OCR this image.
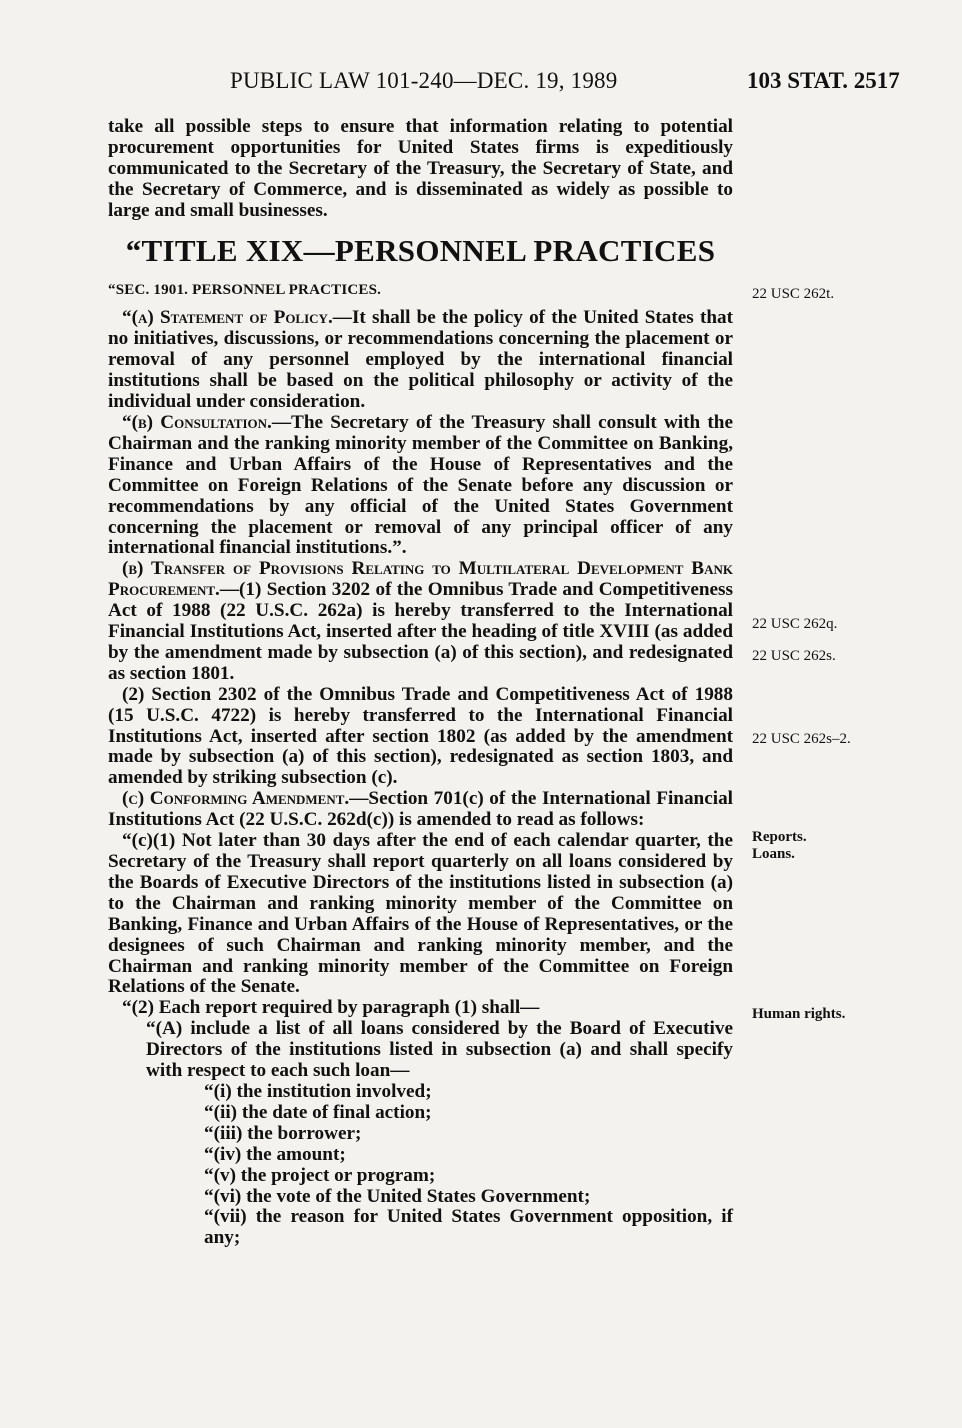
PUBLIC LAW 101-240—DEC. 19, 1989	103 STAT. 2517

take all possible steps to ensure that information relating to potential procurement opportunities for United States firms is expeditiously communicated to the Secretary of the Treasury, the Secretary of State, and the Secretary of Commerce, and is disseminated as widely as possible to large and small businesses.

“TITLE XIX—PERSONNEL PRACTICES
“SEC. 1901. PERSONNEL PRACTICES.

“(a) Statement of Policy.—It shall be the policy of the United States that no initiatives, discussions, or recommendations concerning the placement or removal of any personnel employed by the international financial institutions shall be based on the political philosophy or activity of the individual under consideration.

“(b) Consultation.—The Secretary of the Treasury shall consult with the Chairman and the ranking minority member of the Committee on Banking, Finance and Urban Affairs of the House of Representatives and the Committee on Foreign Relations of the Senate before any discussion or recommendations by any official of the United States Government concerning the placement or removal of any principal officer of any international financial institutions.”.

(b) Transfer of Provisions Relating to Multilateral Development Bank Procurement.—(1) Section 3202 of the Omnibus Trade and Competitiveness Act of 1988 (22 U.S.C. 262a) is hereby transferred to the International Financial Institutions Act, inserted after the heading of title XVIII (as added by the amendment made by subsection (a) of this section), and redesignated as section 1801.

(2) Section 2302 of the Omnibus Trade and Competitiveness Act of 1988 (15 U.S.C. 4722) is hereby transferred to the International Financial Institutions Act, inserted after section 1802 (as added by the amendment made by subsection (a) of this section), redesignated as section 1803, and amended by striking subsection (c).

(c) Conforming Amendment.—Section 701(c) of the International Financial Institutions Act (22 U.S.C. 262d(c)) is amended to read as follows:

“(c)(1) Not later than 30 days after the end of each calendar quarter, the Secretary of the Treasury shall report quarterly on all loans considered by the Boards of Executive Directors of the institutions listed in subsection (a) to the Chairman and ranking minority member of the Committee on Banking, Finance and Urban Affairs of the House of Representatives, or the designees of such Chairman and ranking minority member, and the Chairman and ranking minority member of the Committee on Foreign Relations of the Senate.

“(2) Each report required by paragraph (1) shall—

“(A) include a list of all loans considered by the Board of Executive Directors of the institutions listed in subsection (a) and shall specify with respect to each such loan—

“(i) the institution involved;

“(ii) the date of final action;

“(iii) the borrower;

“(iv) the amount;

“(v) the project or program;

“(vi) the vote of the United States Government;

“(vii) the reason for United States Government opposition, if any;

22 USC 262t.
22 USC 262q.
22 USC 262s.
22 USC 262s–2.
Reports.
Loans.
Human rights.
